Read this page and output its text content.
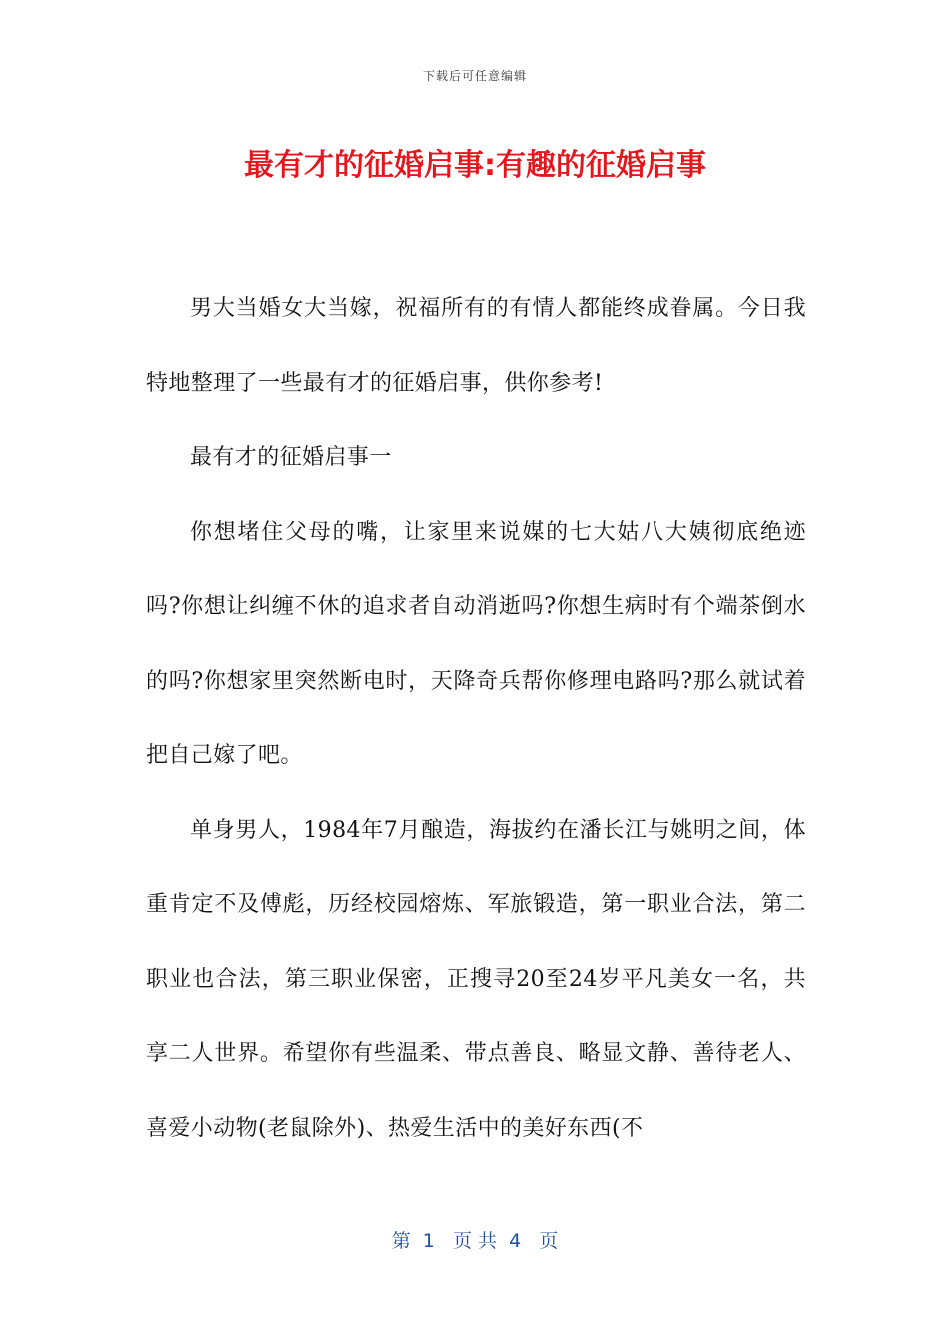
下载后可任意编辑
最有才的征婚启事:有趣的征婚启事

男大当婚女大当嫁，祝福所有的有情人都能终成眷属。今日我特地整理了一些最有才的征婚启事，供你参考!

最有才的征婚启事一

你想堵住父母的嘴，让家里来说媒的七大姑八大姨彻底绝迹吗?你想让纠缠不休的追求者自动消逝吗?你想生病时有个端茶倒水的吗?你想家里突然断电时，天降奇兵帮你修理电路吗?那么就试着把自己嫁了吧。

单身男人，1984年7月酿造，海拔约在潘长江与姚明之间，体重肯定不及傅彪，历经校园熔炼、军旅锻造，第一职业合法，第二职业也合法，第三职业保密，正搜寻20至24岁平凡美女一名，共享二人世界。希望你有些温柔、带点善良、略显文静、善待老人、喜爱小动物(老鼠除外)、热爱生活中的美好东西(不

第  1   页 共  4   页
